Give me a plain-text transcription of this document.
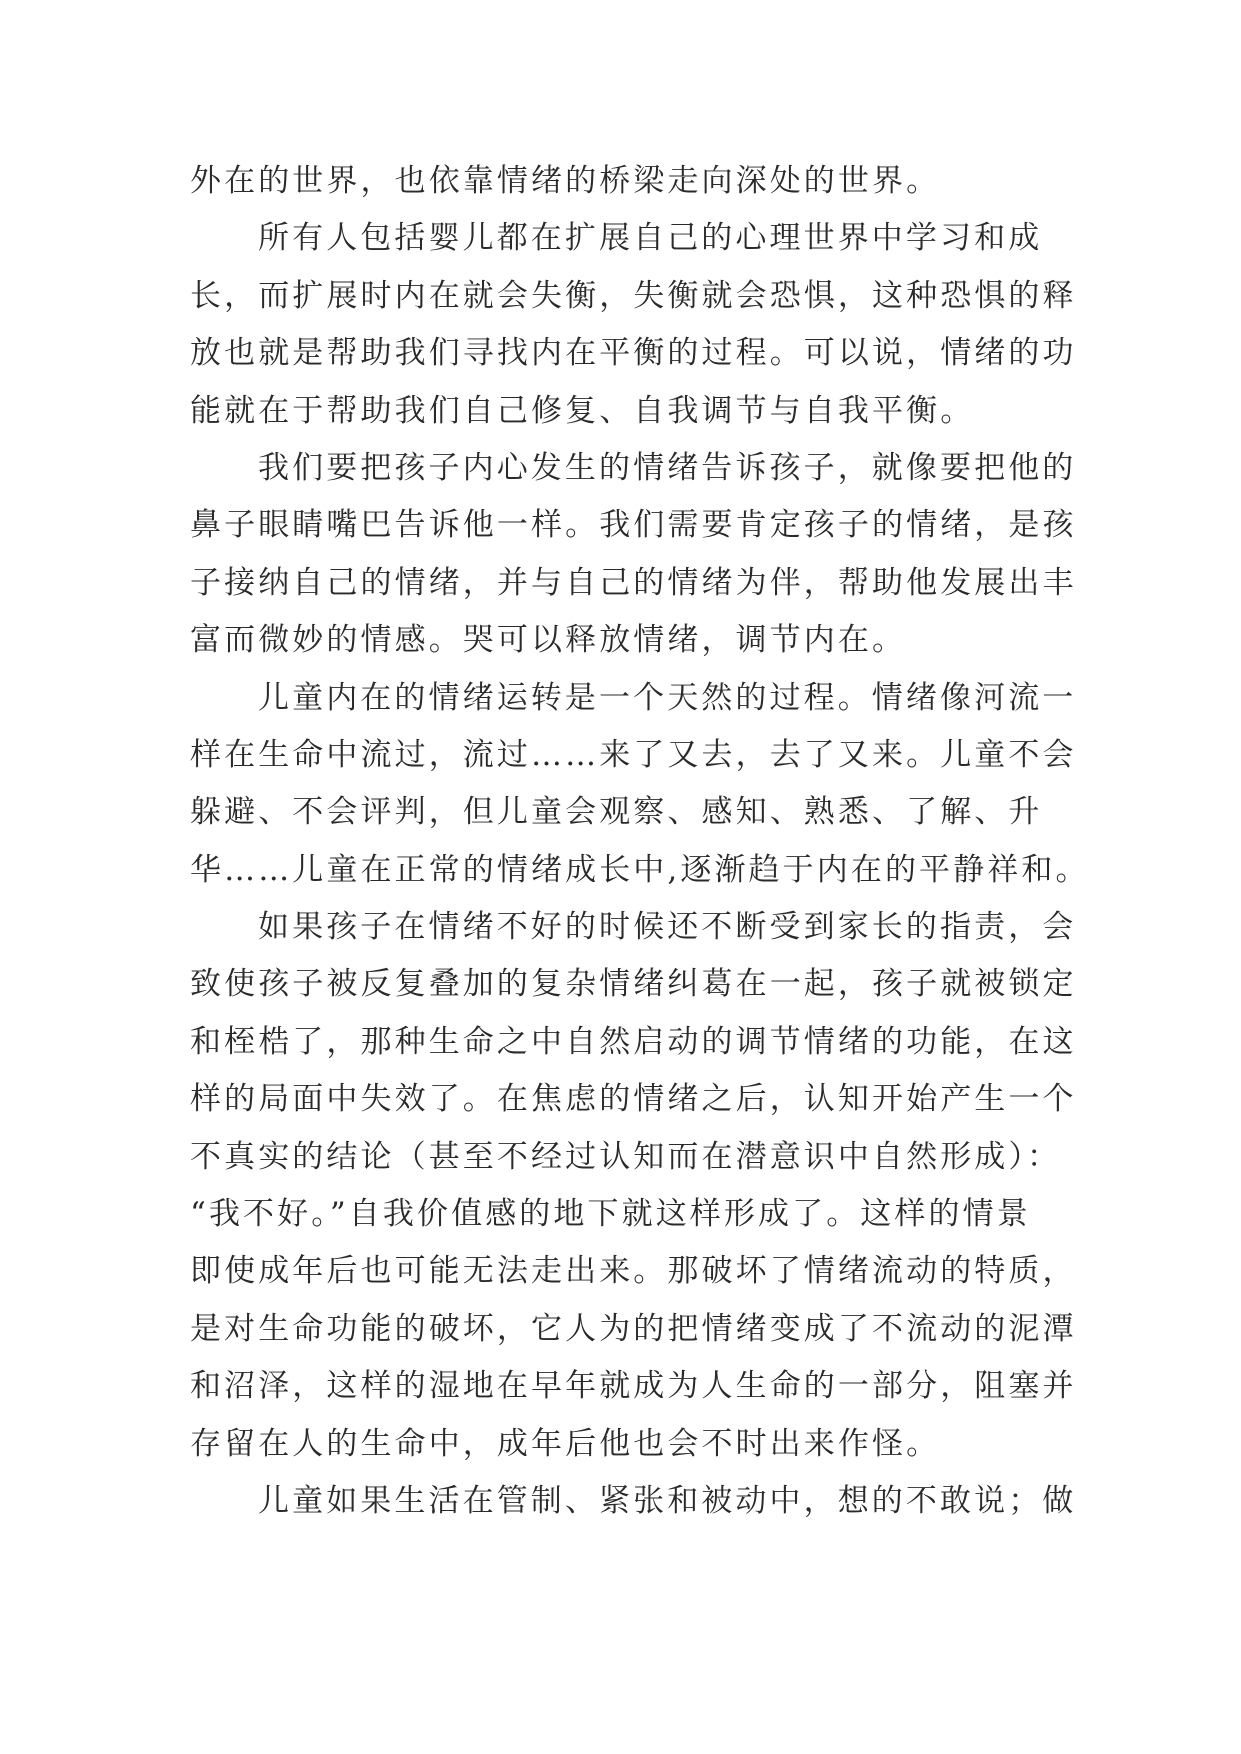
外在的世界，也依靠情绪的桥梁走向深处的世界。
所有人包括婴儿都在扩展自己的心理世界中学习和成
长，而扩展时内在就会失衡，失衡就会恐惧，这种恐惧的释
放也就是帮助我们寻找内在平衡的过程。可以说，情绪的功
能就在于帮助我们自己修复、自我调节与自我平衡。
我们要把孩子内心发生的情绪告诉孩子，就像要把他的
鼻子眼睛嘴巴告诉他一样。我们需要肯定孩子的情绪，是孩
子接纳自己的情绪，并与自己的情绪为伴，帮助他发展出丰
富而微妙的情感。哭可以释放情绪，调节内在。
儿童内在的情绪运转是一个天然的过程。情绪像河流一
样在生命中流过，流过……来了又去，去了又来。儿童不会
躲避、不会评判，但儿童会观察、感知、熟悉、了解、升
华……儿童在正常的情绪成长中,逐渐趋于内在的平静祥和。
如果孩子在情绪不好的时候还不断受到家长的指责，会
致使孩子被反复叠加的复杂情绪纠葛在一起，孩子就被锁定
和桎梏了，那种生命之中自然启动的调节情绪的功能，在这
样的局面中失效了。在焦虑的情绪之后，认知开始产生一个
不真实的结论（甚至不经过认知而在潜意识中自然形成）：
“我不好。”自我价值感的地下就这样形成了。这样的情景
即使成年后也可能无法走出来。那破坏了情绪流动的特质，
是对生命功能的破坏，它人为的把情绪变成了不流动的泥潭
和沼泽，这样的湿地在早年就成为人生命的一部分，阻塞并
存留在人的生命中，成年后他也会不时出来作怪。
儿童如果生活在管制、紧张和被动中，想的不敢说；做
